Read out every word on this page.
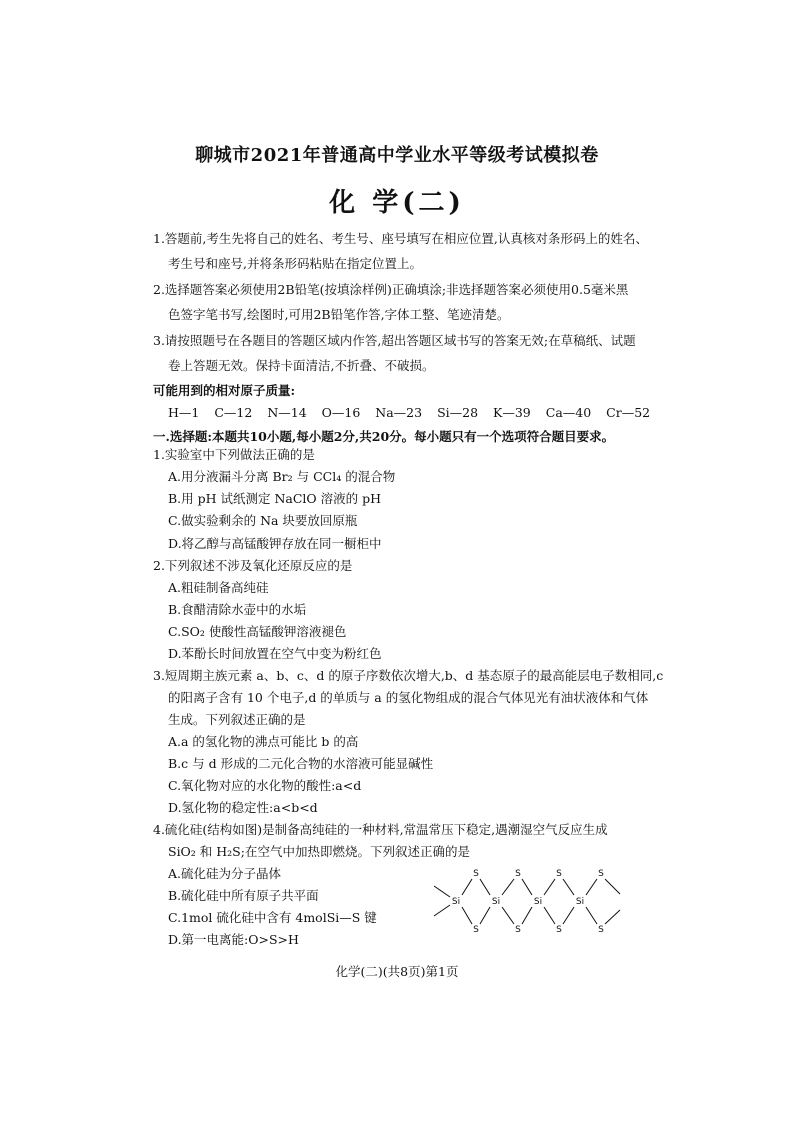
聊城市2021年普通高中学业水平等级考试模拟卷
化 学(二)
1.答题前,考生先将自己的姓名、考生号、座号填写在相应位置,认真核对条形码上的姓名、
考生号和座号,并将条形码粘贴在指定位置上。
2.选择题答案必须使用2B铅笔(按填涂样例)正确填涂;非选择题答案必须使用0.5毫米黑
色签字笔书写,绘图时,可用2B铅笔作答,字体工整、笔迹清楚。
3.请按照题号在各题目的答题区域内作答,超出答题区域书写的答案无效;在草稿纸、试题
卷上答题无效。保持卡面清洁,不折叠、不破损。
可能用到的相对原子质量:
H—1 C—12 N—14 O—16 Na—23 Si—28 K—39 Ca—40 Cr—52
一.选择题:本题共10小题,每小题2分,共20分。每小题只有一个选项符合题目要求。
化学(二)(共8页)第1页
1.实验室中下列做法正确的是
A.用分液漏斗分离 Br₂ 与 CCl₄ 的混合物
B.用 pH 试纸测定 NaClO 溶液的 pH
C.做实验剩余的 Na 块要放回原瓶
D.将乙醇与高锰酸钾存放在同一橱柜中
2.下列叙述不涉及氧化还原反应的是
A.粗硅制备高纯硅
B.食醋清除水壶中的水垢
C.SO₂ 使酸性高锰酸钾溶液褪色
D.苯酚长时间放置在空气中变为粉红色
3.短周期主族元素 a、b、c、d 的原子序数依次增大,b、d 基态原子的最高能层电子数相同,c
的阳离子含有 10 个电子,d 的单质与 a 的氢化物组成的混合气体见光有油状液体和气体
生成。下列叙述正确的是
A.a 的氢化物的沸点可能比 b 的高
B.c 与 d 形成的二元化合物的水溶液可能显碱性
C.氧化物对应的水化物的酸性:a<d
D.氢化物的稳定性:a<b<d
4.硫化硅(结构如图)是制备高纯硅的一种材料,常温常压下稳定,遇潮湿空气反应生成
SiO₂ 和 H₂S;在空气中加热即燃烧。下列叙述正确的是
A.硫化硅为分子晶体
B.硫化硅中所有原子共平面
C.1mol 硫化硅中含有 4molSi—S 键
D.第一电离能:O>S>H
Si	Si	Si	Si
S
S
S
S
S
S
S
S
